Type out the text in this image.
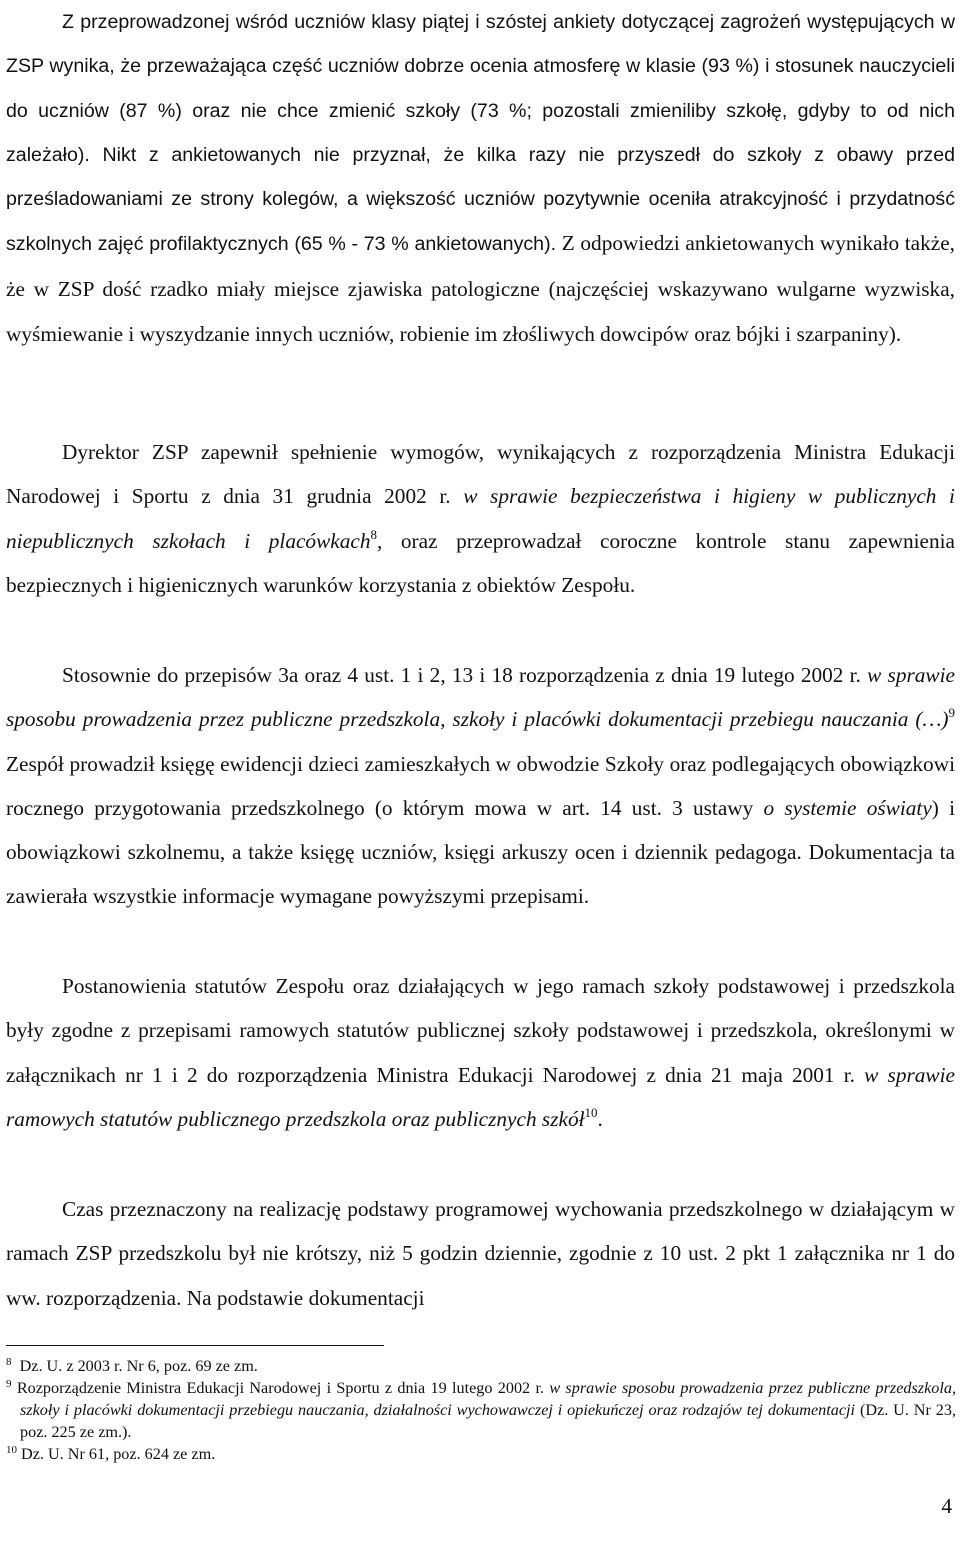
Z przeprowadzonej wśród uczniów klasy piątej i szóstej ankiety dotyczącej zagrożeń występujących w ZSP wynika, że przeważająca część uczniów dobrze ocenia atmosferę w klasie (93 %) i stosunek nauczycieli do uczniów (87 %) oraz nie chce zmienić szkoły (73 %; pozostali zmieniliby szkołę, gdyby to od nich zależało). Nikt z ankietowanych nie przyznał, że kilka razy nie przyszedł do szkoły z obawy przed prześladowaniami ze strony kolegów, a większość uczniów pozytywnie oceniła atrakcyjność i przydatność szkolnych zajęć profilaktycznych (65 % - 73 % ankietowanych). Z odpowiedzi ankietowanych wynikało także, że w ZSP dość rzadko miały miejsce zjawiska patologiczne (najczęściej wskazywano wulgarne wyzwiska, wyśmiewanie i wyszydzanie innych uczniów, robienie im złośliwych dowcipów oraz bójki i szarpaniny).

Dyrektor ZSP zapewnił spełnienie wymogów, wynikających z rozporządzenia Ministra Edukacji Narodowej i Sportu z dnia 31 grudnia 2002 r. w sprawie bezpieczeństwa i higieny w publicznych i niepublicznych szkołach i placówkach$^8$, oraz przeprowadzał coroczne kontrole stanu zapewnienia bezpiecznych i higienicznych warunków korzystania z obiektów Zespołu.

Stosownie do przepisów 3a oraz 4 ust. 1 i 2, 13 i 18 rozporządzenia z dnia 19 lutego 2002 r. w sprawie sposobu prowadzenia przez publiczne przedszkola, szkoły i placówki dokumentacji przebiegu nauczania (…)$^9$ Zespół prowadził księgę ewidencji dzieci zamieszkałych w obwodzie Szkoły oraz podlegających obowiązkowi rocznego przygotowania przedszkolnego (o którym mowa w art. 14 ust. 3 ustawy o systemie oświaty) i obowiązkowi szkolnemu, a także księgę uczniów, księgi arkuszy ocen i dziennik pedagoga. Dokumentacja ta zawierała wszystkie informacje wymagane powyższymi przepisami.

Postanowienia statutów Zespołu oraz działających w jego ramach szkoły podstawowej i przedszkola były zgodne z przepisami ramowych statutów publicznej szkoły podstawowej i przedszkola, określonymi w załącznikach nr 1 i 2 do rozporządzenia Ministra Edukacji Narodowej z dnia 21 maja 2001 r. w sprawie ramowych statutów publicznego przedszkola oraz publicznych szkół$^{10}$.

Czas przeznaczony na realizację podstawy programowej wychowania przedszkolnego w działającym w ramach ZSP przedszkolu był nie krótszy, niż 5 godzin dziennie, zgodnie z 10 ust. 2 pkt 1 załącznika nr 1 do ww. rozporządzenia. Na podstawie dokumentacji

$^8$ Dz. U. z 2003 r. Nr 6, poz. 69 ze zm.

$^9$ Rozporządzenie Ministra Edukacji Narodowej i Sportu z dnia 19 lutego 2002 r. w sprawie sposobu prowadzenia przez publiczne przedszkola, szkoły i placówki dokumentacji przebiegu nauczania, działalności wychowawczej i opiekuńczej oraz rodzajów tej dokumentacji (Dz. U. Nr 23, poz. 225 ze zm.).

$^{10}$ Dz. U. Nr 61, poz. 624 ze zm.

4
